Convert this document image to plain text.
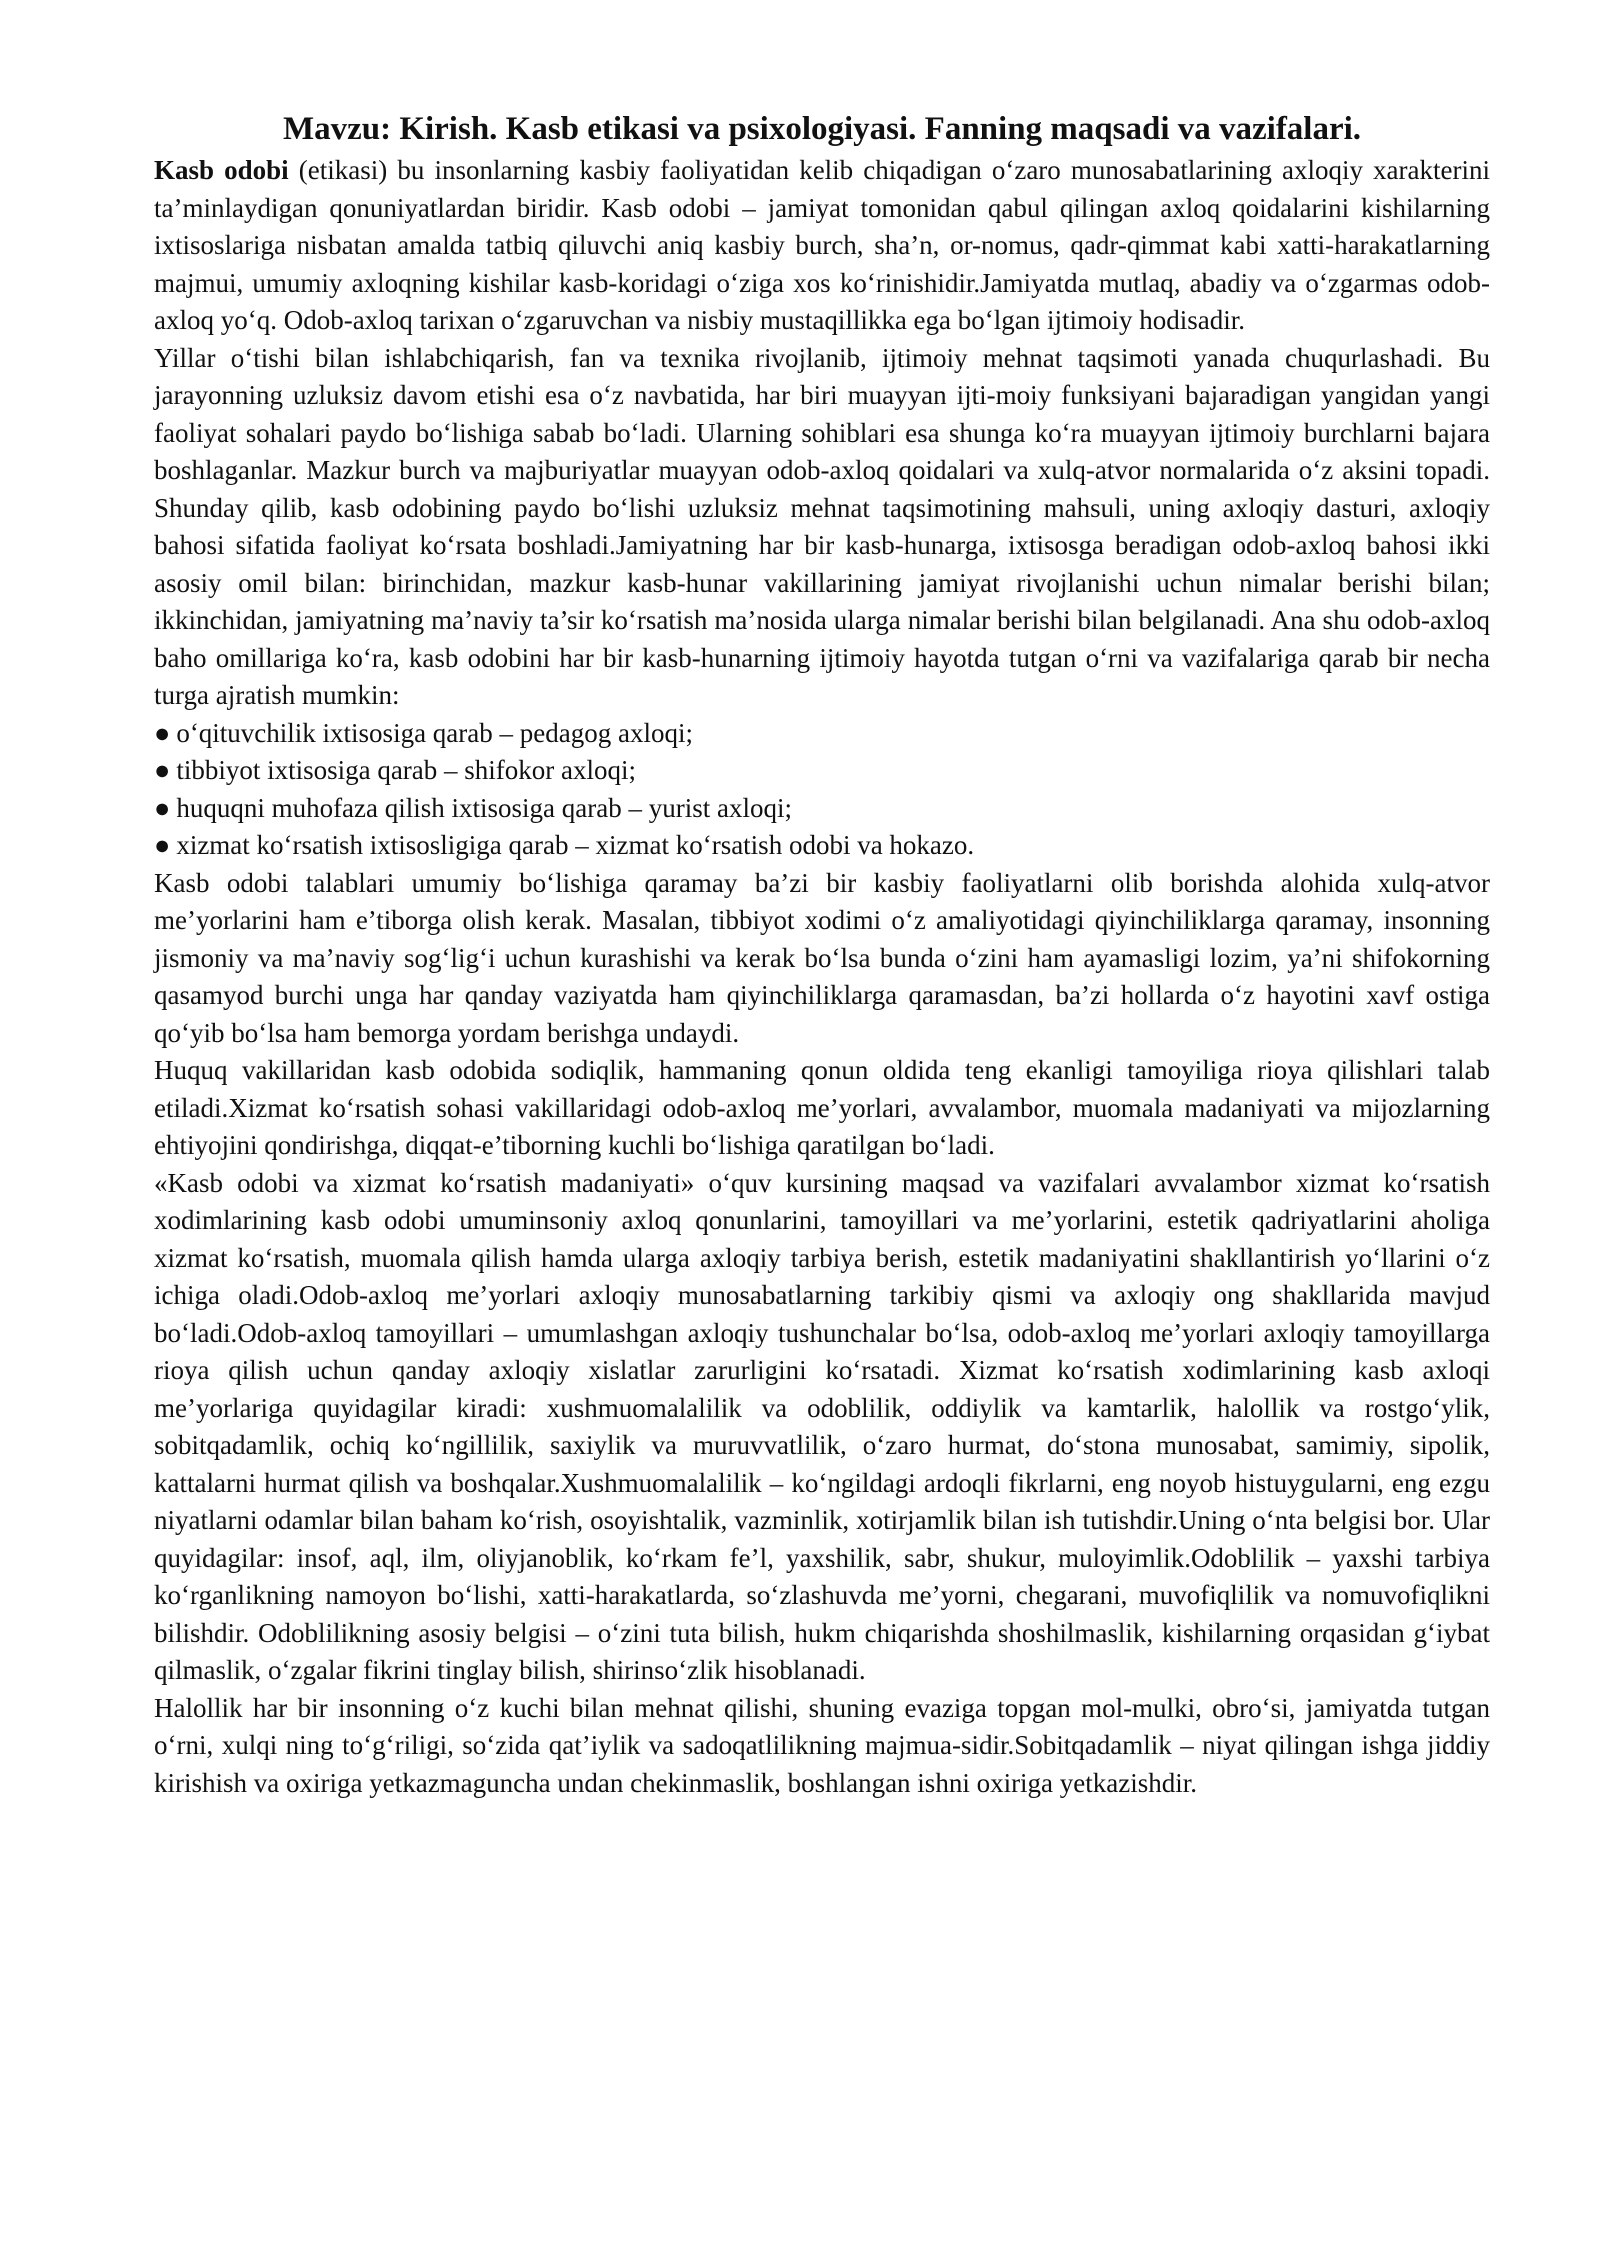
Mavzu: Kirish. Kasb etikasi va psixologiyasi. Fanning maqsadi va vazifalari.

Kasb odobi (etikasi) bu insonlarning kasbiy faoliyatidan kelib chiqadigan o‘zaro munosabatlarining axloqiy xarakterini ta’minlaydigan qonuniyatlardan biridir. Kasb odobi – jamiyat tomonidan qabul qilingan axloq qoidalarini kishilarning ixtisoslariga nisbatan amalda tatbiq qiluvchi aniq kasbiy burch, sha’n, or-nomus, qadr-qimmat kabi xatti-harakatlarning majmui, umumiy axloqning kishilar kasb-koridagi o‘ziga xos ko‘rinishidir.Jamiyatda mutlaq, abadiy va o‘zgarmas odob-axloq yo‘q. Odob-axloq tarixan o‘zgaruvchan va nisbiy mustaqillikka ega bo‘lgan ijtimoiy hodisadir.

Yillar o‘tishi bilan ishlabchiqarish, fan va texnika rivojlanib, ijtimoiy mehnat taqsimoti yanada chuqurlashadi. Bu jarayonning uzluksiz davom etishi esa o‘z navbatida, har biri muayyan ijti-moiy funksiyani bajaradigan yangidan yangi faoliyat sohalari paydo bo‘lishiga sabab bo‘ladi. Ularning sohiblari esa shunga ko‘ra muayyan ijtimoiy burchlarni bajara boshlaganlar. Mazkur burch va majburiyatlar muayyan odob-axloq qoidalari va xulq-atvor normalarida o‘z aksini topadi. Shunday qilib, kasb odobining paydo bo‘lishi uzluksiz mehnat taqsimotining mahsuli, uning axloqiy dasturi, axloqiy bahosi sifatida faoliyat ko‘rsata boshladi.Jamiyatning har bir kasb-hunarga, ixtisosga beradigan odob-axloq bahosi ikki asosiy omil bilan: birinchidan, mazkur kasb-hunar vakillarining jamiyat rivojlanishi uchun nimalar berishi bilan; ikkinchidan, jamiyatning ma’naviy ta’sir ko‘rsatish ma’nosida ularga nimalar berishi bilan belgilanadi. Ana shu odob-axloq baho omillariga ko‘ra, kasb odobini har bir kasb-hunarning ijtimoiy hayotda tutgan o‘rni va vazifalariga qarab bir necha turga ajratish mumkin:

● o‘qituvchilik ixtisosiga qarab – pedagog axloqi;
● tibbiyot ixtisosiga qarab – shifokor axloqi;
● huquqni muhofaza qilish ixtisosiga qarab – yurist axloqi;
● xizmat ko‘rsatish ixtisosligiga qarab – xizmat ko‘rsatish odobi va hokazo.

Kasb odobi talablari umumiy bo‘lishiga qaramay ba’zi bir kasbiy faoliyatlarni olib borishda alohida xulq-atvor me’yorlarini ham e’tiborga olish kerak. Masalan, tibbiyot xodimi o‘z amaliyotidagi qiyinchiliklarga qaramay, insonning jismoniy va ma’naviy sog‘lig‘i uchun kurashishi va kerak bo‘lsa bunda o‘zini ham ayamasligi lozim, ya’ni shifokorning qasamyod burchi unga har qanday vaziyatda ham qiyinchiliklarga qaramasdan, ba’zi hollarda o‘z hayotini xavf ostiga qo‘yib bo‘lsa ham bemorga yordam berishga undaydi.

Huquq vakillaridan kasb odobida sodiqlik, hammaning qonun oldida teng ekanligi tamoyiliga rioya qilishlari talab etiladi.Xizmat ko‘rsatish sohasi vakillaridagi odob-axloq me’yorlari, avvalambor, muomala madaniyati va mijozlarning ehtiyojini qondirishga, diqqat-e’tiborning kuchli bo‘lishiga qaratilgan bo‘ladi.

«Kasb odobi va xizmat ko‘rsatish madaniyati» o‘quv kursining maqsad va vazifalari avvalambor xizmat ko‘rsatish xodimlarining kasb odobi umuminsoniy axloq qonunlarini, tamoyillari va me’yorlarini, estetik qadriyatlarini aholiga xizmat ko‘rsatish, muomala qilish hamda ularga axloqiy tarbiya berish, estetik madaniyatini shakllantirish yo‘llarini o‘z ichiga oladi.Odob-axloq me’yorlari axloqiy munosabatlarning tarkibiy qismi va axloqiy ong shakllarida mavjud bo‘ladi.Odob-axloq tamoyillari – umumlashgan axloqiy tushunchalar bo‘lsa, odob-axloq me’yorlari axloqiy tamoyillarga rioya qilish uchun qanday axloqiy xislatlar zarurligini ko‘rsatadi. Xizmat ko‘rsatish xodimlarining kasb axloqi me’yorlariga quyidagilar kiradi: xushmuomalalilik va odoblilik, oddiylik va kamtarlik, halollik va rostgo‘ylik, sobitqadamlik, ochiq ko‘ngillilik, saxiylik va muruvvatlilik, o‘zaro hurmat, do‘stona munosabat, samimiy, sipolik, kattalarni hurmat qilish va boshqalar.Xushmuomalalilik – ko‘ngildagi ardoqli fikrlarni, eng noyob histuygularni, eng ezgu niyatlarni odamlar bilan baham ko‘rish, osoyishtalik, vazminlik, xotirjamlik bilan ish tutishdir.Uning o‘nta belgisi bor. Ular quyidagilar: insof, aql, ilm, oliyjanoblik, ko‘rkam fe’l, yaxshilik, sabr, shukur, muloyimlik.Odoblilik – yaxshi tarbiya ko‘rganlikning namoyon bo‘lishi, xatti-harakatlarda, so‘zlashuvda me’yorni, chegarani, muvofiqlilik va nomuvofiqlikni bilishdir. Odoblilikning asosiy belgisi – o‘zini tuta bilish, hukm chiqarishda shoshilmaslik, kishilarning orqasidan g‘iybat qilmaslik, o‘zgalar fikrini tinglay bilish, shirinso‘zlik hisoblanadi.

Halollik har bir insonning o‘z kuchi bilan mehnat qilishi, shuning evaziga topgan mol-mulki, obro‘si, jamiyatda tutgan o‘rni, xulqi ning to‘g‘riligi, so‘zida qat’iylik va sadoqatlilikning majmua-sidir.Sobitqadamlik – niyat qilingan ishga jiddiy kirishish va oxiriga yetkazmaguncha undan chekinmaslik, boshlangan ishni oxiriga yetkazishdir.
